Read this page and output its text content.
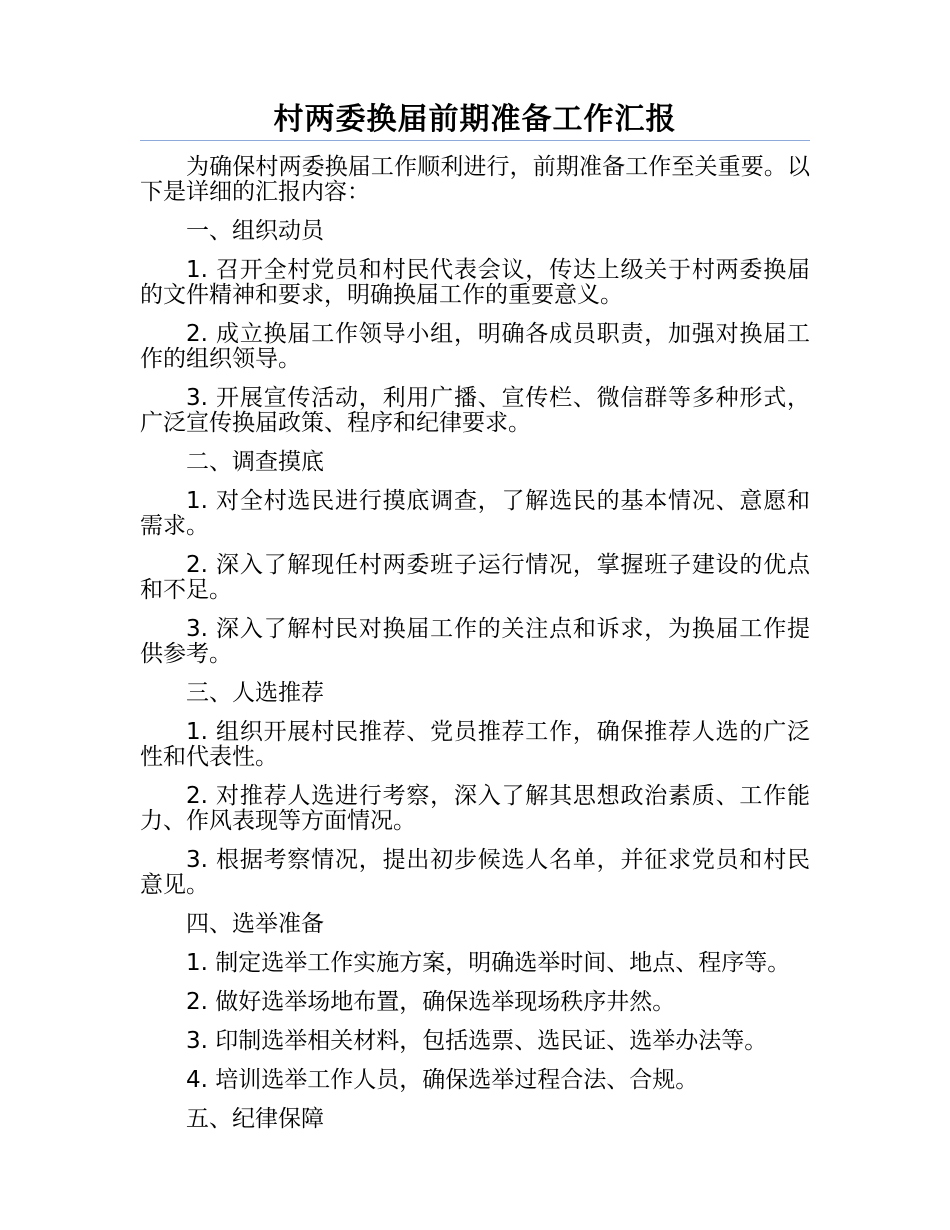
村两委换届前期准备工作汇报

为确保村两委换届工作顺利进行，前期准备工作至关重要。以下是详细的汇报内容：

一、组织动员

1. 召开全村党员和村民代表会议，传达上级关于村两委换届的文件精神和要求，明确换届工作的重要意义。

2. 成立换届工作领导小组，明确各成员职责，加强对换届工作的组织领导。

3. 开展宣传活动，利用广播、宣传栏、微信群等多种形式，广泛宣传换届政策、程序和纪律要求。

二、调查摸底

1. 对全村选民进行摸底调查，了解选民的基本情况、意愿和需求。

2. 深入了解现任村两委班子运行情况，掌握班子建设的优点和不足。

3. 深入了解村民对换届工作的关注点和诉求，为换届工作提供参考。

三、人选推荐

1. 组织开展村民推荐、党员推荐工作，确保推荐人选的广泛性和代表性。

2. 对推荐人选进行考察，深入了解其思想政治素质、工作能力、作风表现等方面情况。

3. 根据考察情况，提出初步候选人名单，并征求党员和村民意见。

四、选举准备

1. 制定选举工作实施方案，明确选举时间、地点、程序等。

2. 做好选举场地布置，确保选举现场秩序井然。

3. 印制选举相关材料，包括选票、选民证、选举办法等。

4. 培训选举工作人员，确保选举过程合法、合规。

五、纪律保障
